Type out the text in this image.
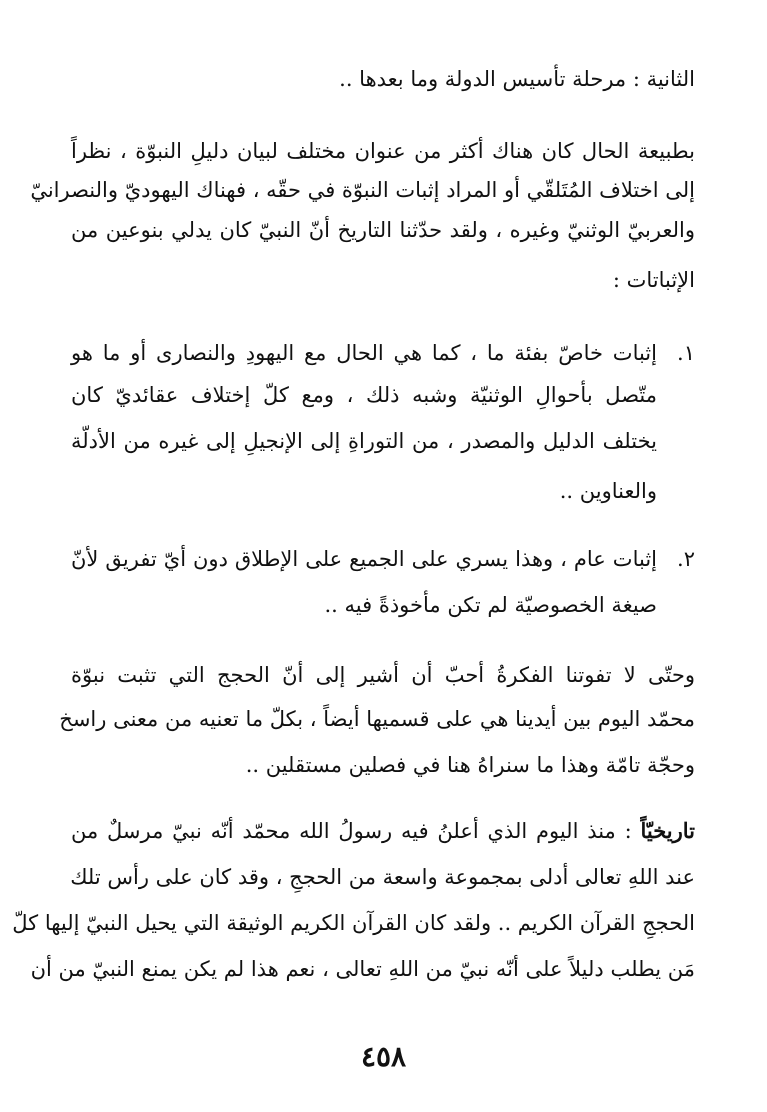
الثانية : مرحلة تأسيس الدولة وما بعدها ..
بطبيعة الحال كان هناك أكثر من عنوان مختلف لبيان دليلِ النبوّة ، نظراً
إلى اختلاف المُتَلقّي أو المراد إثبات النبوّة في حقّه ، فهناك اليهوديّ والنصرانيّ
والعربيّ الوثنيّ وغيره ، ولقد حدّثنا التاريخ أنّ النبيّ كان يدلي بنوعين من
الإثباتات :
١.
إثبات خاصّ بفئة ما ، كما هي الحال مع اليهودِ والنصارى أو ما هو
متّصل بأحوالِ الوثنيّة وشبه ذلك ، ومع كلّ إختلاف عقائديّ كان
يختلف الدليل والمصدر ، من التوراةِ إلى الإنجيلِ إلى غيره من الأدلّة
والعناوين ..
٢.
إثبات عام ، وهذا يسري على الجميع على الإطلاق دون أيّ تفريق لأنّ
صيغة الخصوصيّة لم تكن مأخوذةً فيه ..
وحتّى لا تفوتنا الفكرةُ أحبّ أن أشير إلى أنّ الحجج التي تثبت نبوّة
محمّد اليوم بين أيدينا هي على قسميها أيضاً ، بكلّ ما تعنيه من معنى راسخ
وحجّة تامّة وهذا ما سنراهُ هنا في فصلين مستقلين ..
تاريخيّاً : منذ اليوم الذي أعلنُ فيه رسولُ الله محمّد أنّه نبيّ مرسلٌ من
عند اللهِ تعالى أدلى بمجموعة واسعة من الحججِ ، وقد كان على رأس تلك
الحججِ القرآن الكريم .. ولقد كان القرآن الكريم الوثيقة التي يحيل النبيّ إليها كلّ
مَن يطلب دليلاً على أنّه نبيّ من اللهِ تعالى ، نعم هذا لم يكن يمنع النبيّ من أن
٤٥٨
